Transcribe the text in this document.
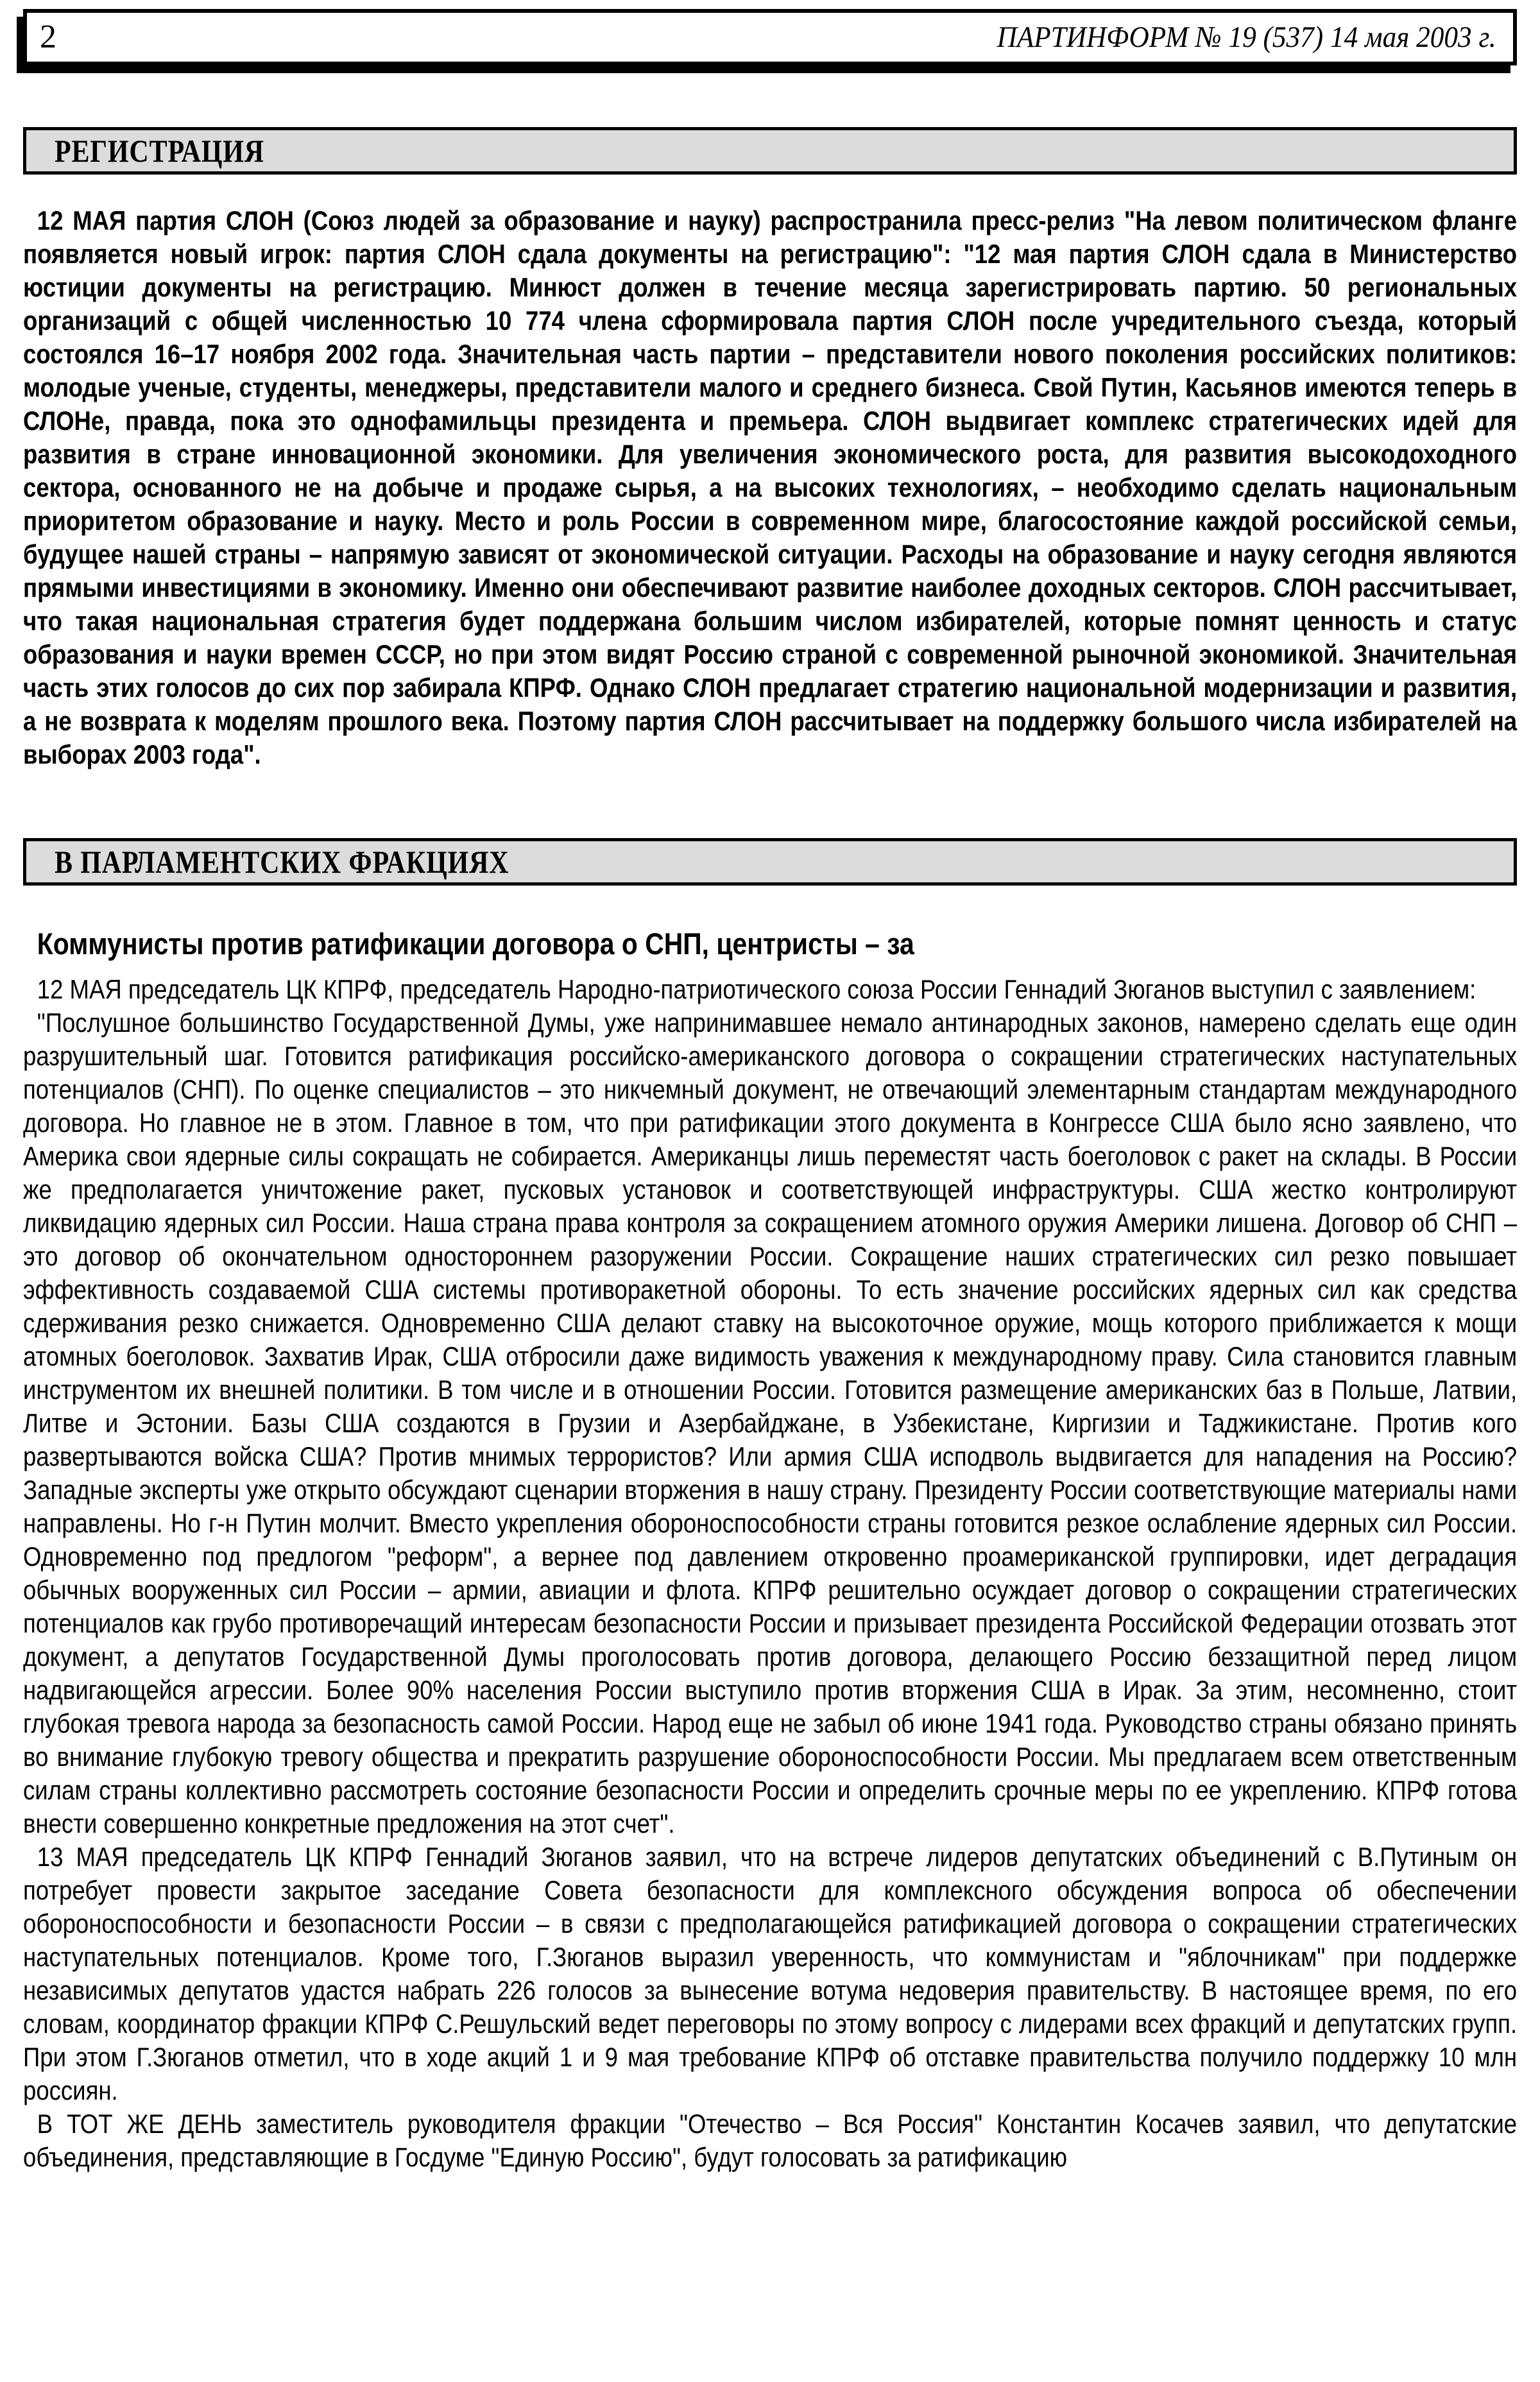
2	ПАРТИНФОРМ № 19 (537) 14 мая 2003 г.
РЕГИСТРАЦИЯ

12 МАЯ партия СЛОН (Союз людей за образование и науку) распространила пресс-релиз "На левом политическом фланге появляется новый игрок: партия СЛОН сдала документы на регистрацию": "12 мая партия СЛОН сдала в Министерство юстиции документы на регистрацию. Минюст должен в течение месяца зарегистрировать партию. 50 региональных организаций с общей численностью 10 774 члена сформировала партия СЛОН после учредительного съезда, который состоялся 16–17 ноября 2002 года. Значительная часть партии – представители нового поколения российских политиков: молодые ученые, студенты, менеджеры, представители малого и среднего бизнеса. Свой Путин, Касьянов имеются теперь в СЛОНе, правда, пока это однофамильцы президента и премьера. СЛОН выдвигает комплекс стратегических идей для развития в стране инновационной экономики. Для увеличения экономического роста, для развития высокодоходного сектора, основанного не на добыче и продаже сырья, а на высоких технологиях, – необходимо сделать национальным приоритетом образование и науку. Место и роль России в современном мире, благосостояние каждой российской семьи, будущее нашей страны – напрямую зависят от экономической ситуации. Расходы на образование и науку сегодня являются прямыми инвестициями в экономику. Именно они обеспечивают развитие наиболее доходных секторов. СЛОН рассчитывает, что такая национальная стратегия будет поддержана большим числом избирателей, которые помнят ценность и статус образования и науки времен СССР, но при этом видят Россию страной с современной рыночной экономикой. Значительная часть этих голосов до сих пор забирала КПРФ. Однако СЛОН предлагает стратегию национальной модернизации и развития, а не возврата к моделям прошлого века. Поэтому партия СЛОН рассчитывает на поддержку большого числа избирателей на выборах 2003 года".

В ПАРЛАМЕНТСКИХ ФРАКЦИЯХ
Коммунисты против ратификации договора о СНП, центристы – за

12 МАЯ председатель ЦК КПРФ, председатель Народно-патриотического союза России Геннадий Зюганов выступил с заявлением:

"Послушное большинство Государственной Думы, уже напринимавшее немало антинародных законов, намерено сделать еще один разрушительный шаг. Готовится ратификация российско-американского договора о сокращении стратегических наступательных потенциалов (СНП). По оценке специалистов – это никчемный документ, не отвечающий элементарным стандартам международного договора. Но главное не в этом. Главное в том, что при ратификации этого документа в Конгрессе США было ясно заявлено, что Америка свои ядерные силы сокращать не собирается. Американцы лишь переместят часть боеголовок с ракет на склады. В России же предполагается уничтожение ракет, пусковых установок и соответствующей инфраструктуры. США жестко контролируют ликвидацию ядерных сил России. Наша страна права контроля за сокращением атомного оружия Америки лишена. Договор об СНП – это договор об окончательном одностороннем разоружении России. Сокращение наших стратегических сил резко повышает эффективность создаваемой США системы противоракетной обороны. То есть значение российских ядерных сил как средства сдерживания резко снижается. Одновременно США делают ставку на высокоточное оружие, мощь которого приближается к мощи атомных боеголовок. Захватив Ирак, США отбросили даже видимость уважения к международному праву. Сила становится главным инструментом их внешней политики. В том числе и в отношении России. Готовится размещение американских баз в Польше, Латвии, Литве и Эстонии. Базы США создаются в Грузии и Азербайджане, в Узбекистане, Киргизии и Таджикистане. Против кого развертываются войска США? Против мнимых террористов? Или армия США исподволь выдвигается для нападения на Россию? Западные эксперты уже открыто обсуждают сценарии вторжения в нашу страну. Президенту России соответствующие материалы нами направлены. Но г-н Путин молчит. Вместо укрепления обороноспособности страны готовится резкое ослабление ядерных сил России. Одновременно под предлогом "реформ", а вернее под давлением откровенно проамериканской группировки, идет деградация обычных вооруженных сил России – армии, авиации и флота. КПРФ решительно осуждает договор о сокращении стратегических потенциалов как грубо противоречащий интересам безопасности России и призывает президента Российской Федерации отозвать этот документ, а депутатов Государственной Думы проголосовать против договора, делающего Россию беззащитной перед лицом надвигающейся агрессии. Более 90% населения России выступило против вторжения США в Ирак. За этим, несомненно, стоит глубокая тревога народа за безопасность самой России. Народ еще не забыл об июне 1941 года. Руководство страны обязано принять во внимание глубокую тревогу общества и прекратить разрушение обороноспособности России. Мы предлагаем всем ответственным силам страны коллективно рассмотреть состояние безопасности России и определить срочные меры по ее укреплению. КПРФ готова внести совершенно конкретные предложения на этот счет".

13 МАЯ председатель ЦК КПРФ Геннадий Зюганов заявил, что на встрече лидеров депутатских объединений с В.Путиным он потребует провести закрытое заседание Совета безопасности для комплексного обсуждения вопроса об обеспечении обороноспособности и безопасности России – в связи с предполагающейся ратификацией договора о сокращении стратегических наступательных потенциалов. Кроме того, Г.Зюганов выразил уверенность, что коммунистам и "яблочникам" при поддержке независимых депутатов удастся набрать 226 голосов за вынесение вотума недоверия правительству. В настоящее время, по его словам, координатор фракции КПРФ С.Решульский ведет переговоры по этому вопросу с лидерами всех фракций и депутатских групп. При этом Г.Зюганов отметил, что в ходе акций 1 и 9 мая требование КПРФ об отставке правительства получило поддержку 10 млн россиян.

В ТОТ ЖЕ ДЕНЬ заместитель руководителя фракции "Отечество – Вся Россия" Константин Косачев заявил, что депутатские объединения, представляющие в Госдуме "Единую Россию", будут голосовать за ратификацию
